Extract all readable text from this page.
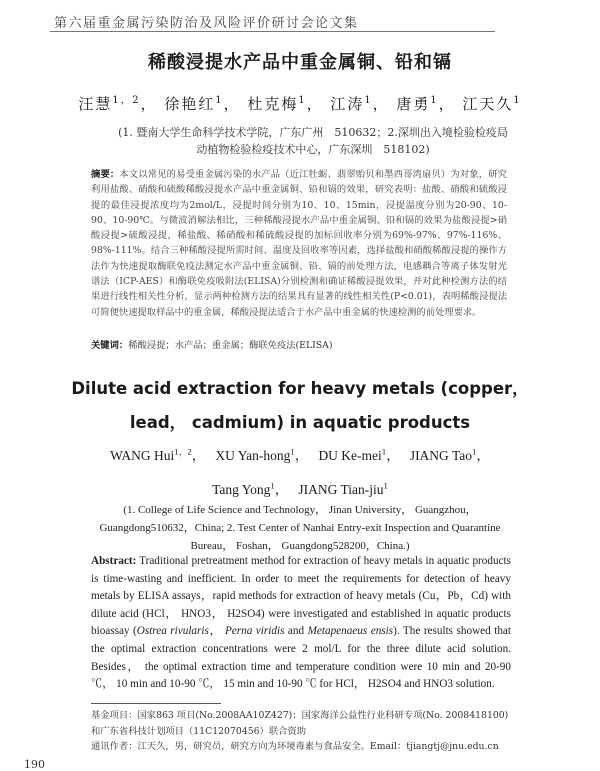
第六届重金属污染防治及风险评价研讨会论文集
稀酸浸提水产品中重金属铜、铅和镉
汪慧$^{1,2}$， 徐艳红$^1$， 杜克梅$^1$， 江涛$^1$， 唐勇$^1$， 江天久$^1$
(1. 暨南大学生命科学技术学院，广东广州　510632；2.深圳出入境检验检疫局动植物检验检疫技术中心，广东深圳　518102)
摘要：本文以常见的易受重金属污染的水产品（近江牡蛎、翡翠贻贝和墨西哥湾扇贝）为对象，研究利用盐酸、硝酸和硫酸稀酸浸提水产品中重金属铜、铅和镉的效果，研究表明：盐酸、硝酸和硫酸浸提的最佳浸提浓度均为2mol/L，浸提时间分别为10、10、15min，浸提温度分别为20-90、10-90、10-90℃。与微波消解法相比，三种稀酸浸提水产品中重金属铜、铅和镉的效果为盐酸浸提>硝酸浸提>硫酸浸提，稀盐酸、稀硝酸和稀硫酸浸提的加标回收率分别为69%-97%、97%-116%、98%-111%。结合三种稀酸浸提所需时间、温度及回收率等因素，选择盐酸和硝酸稀酸浸提的操作方法作为快速提取酶联免疫法测定水产品中重金属铜、铅、镉的前处理方法，电感耦合等离子体发射光谱法（ICP-AES）和酶联免疫吸附法(ELISA)分别检测和确证稀酸浸提效果，并对此种检测方法的结果进行线性相关性分析，显示两种检测方法的结果具有显著的线性相关性(P<0.01)，表明稀酸浸提法可简便快速提取样品中的重金属，稀酸浸提法适合于水产品中重金属的快速检测的前处理要求。
关键词：稀酸浸提；水产品；重金属；酶联免疫法(ELISA)
Dilute acid extraction for heavy metals (copper， lead， cadmium) in aquatic products
WANG Hui$^{1,2}$，　 XU Yan-hong$^1$，　 DU Ke-mei$^1$，　 JIANG Tao$^1$，
Tang Yong$^1$，　 JIANG Tian-jiu$^1$
(1. College of Life Science and Technology， Jinan University， Guangzhou， Guangdong510632，China; 2. Test Center of Nanhai Entry-exit Inspection and Quarantine Bureau， Foshan， Guangdong528200，China.)
Abstract: Traditional pretreatment method for extraction of heavy metals in aquatic products is time-wasting and inefficient. In order to meet the requirements for detection of heavy metals by ELISA assays，rapid methods for extraction of heavy metals (Cu，Pb，Cd) with dilute acid (HCl， HNO3， H2SO4) were investigated and established in aquatic products bioassay (Ostrea rivularis， Perna viridis and Metapenaeus ensis). The results showed that the optimal extraction concentrations were 2 mol/L for the three dilute acid solution. Besides， the optimal extraction time and temperature condition were 10 min and 20-90 ℃， 10 min and 10-90 ℃， 15 min and 10-90 ℃ for HCl， H2SO4 and HNO3 solution.
基金项目：国家863 项目(No.2008AA10Z427)；国家海洋公益性行业科研专项(No. 2008418100)和广东省科技计划项目（11C12070456）联合资助
通讯作者：江天久，男，研究员，研究方向为环境毒素与食品安全。Email：tjiangtj@jnu.edu.cn
190
